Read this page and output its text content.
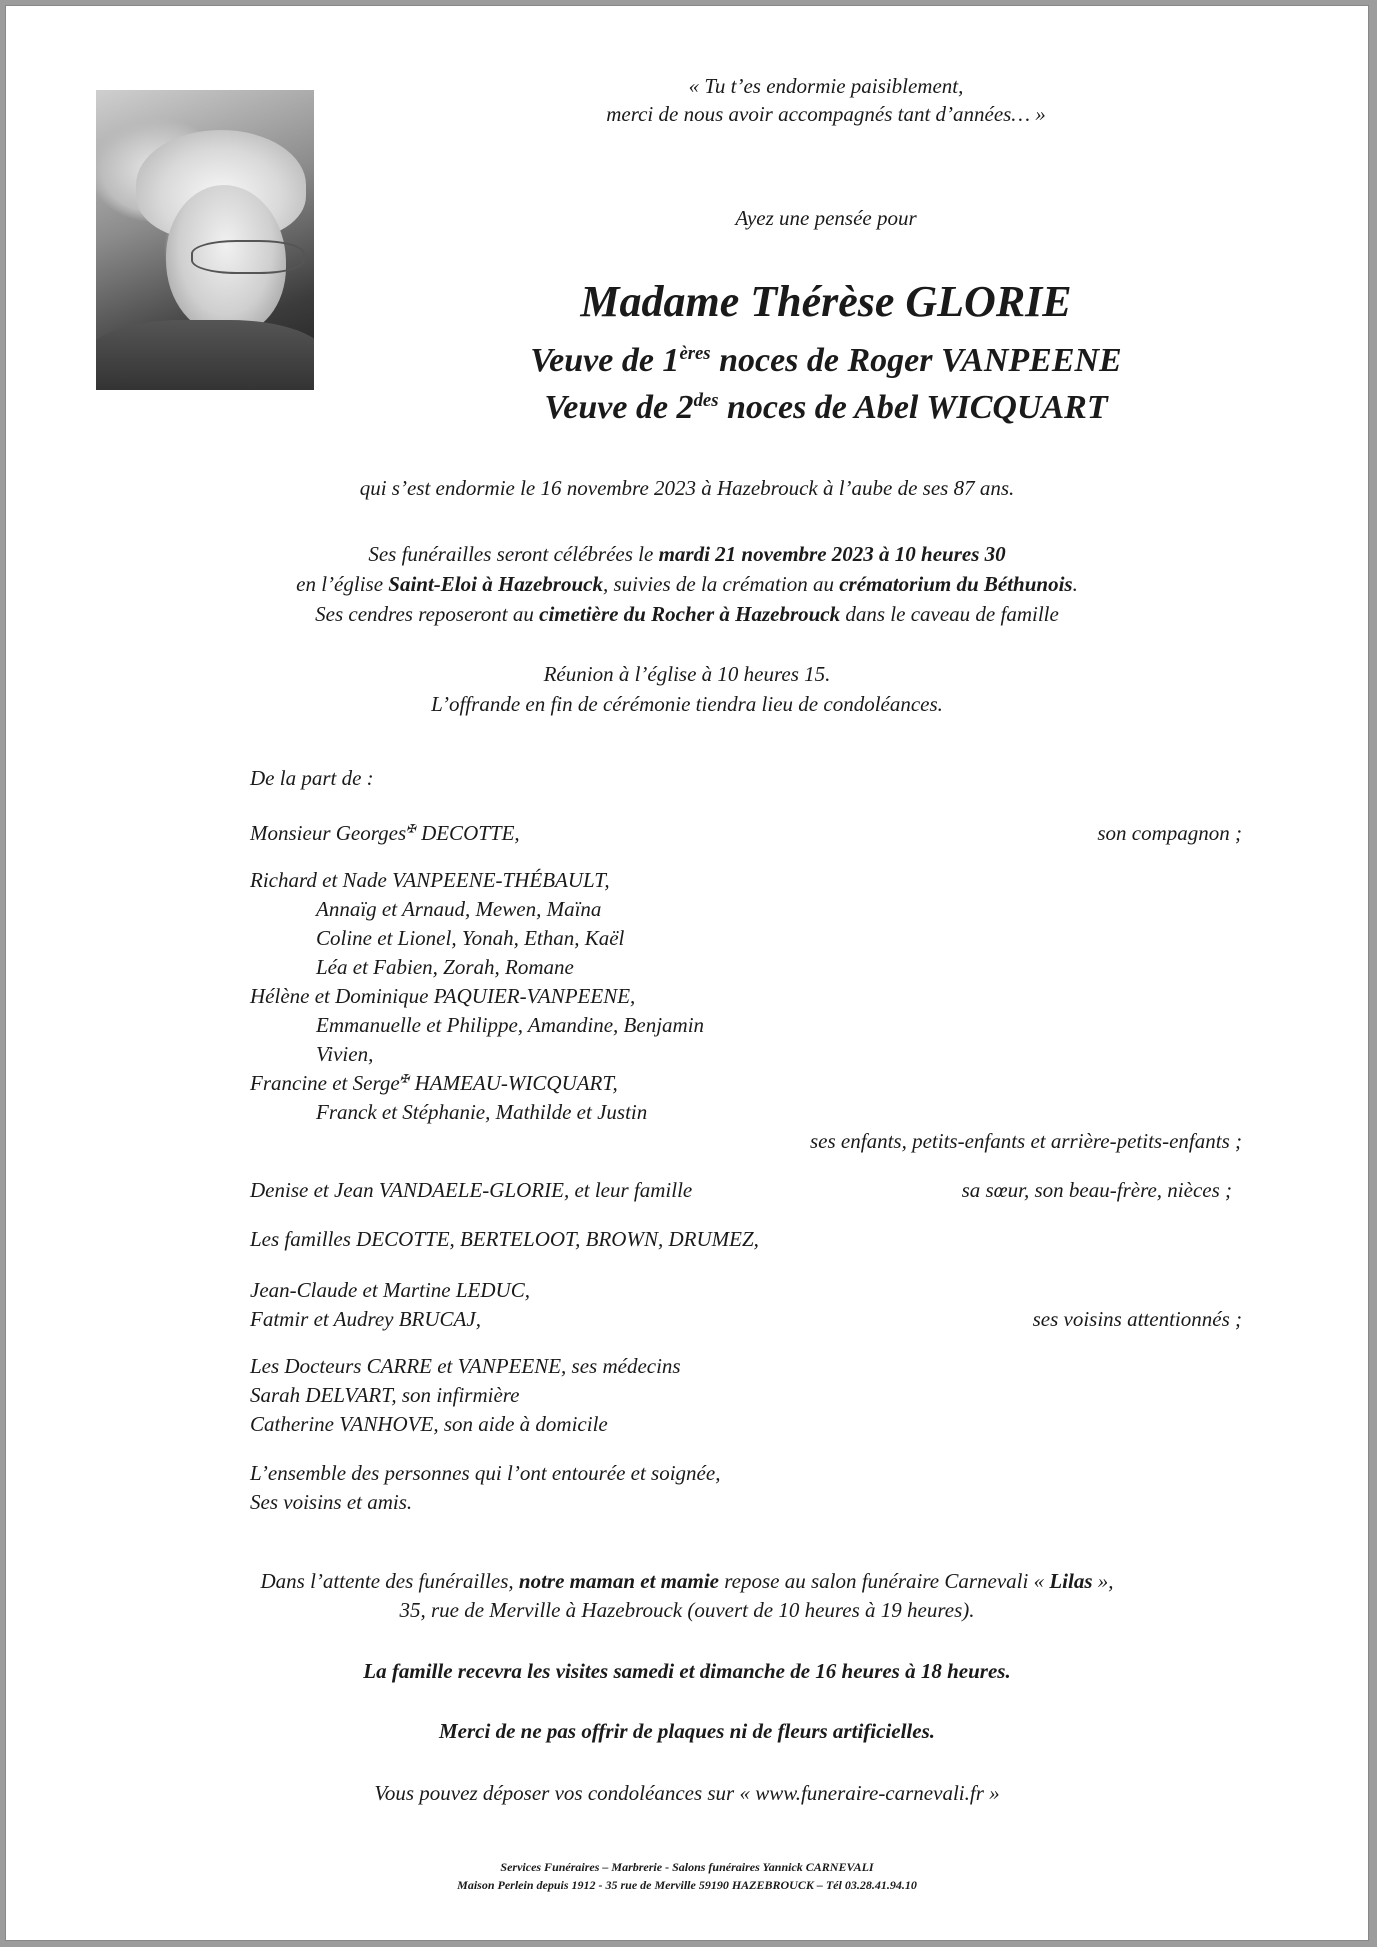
« Tu t’es endormie paisiblement,
merci de nous avoir accompagnés tant d’années… »
Ayez une pensée pour
Madame Thérèse GLORIE
Veuve de 1ères noces de Roger VANPEENE
Veuve de $2^{des}$ noces de Abel WICQUART
qui s’est endormie le 16 novembre 2023 à Hazebrouck à l’aube de ses 87 ans.
Ses funérailles seront célébrées le mardi 21 novembre 2023 à 10 heures 30
en l’église Saint-Eloi à Hazebrouck, suivies de la crémation au crématorium du Béthunois.
Ses cendres reposeront au cimetière du Rocher à Hazebrouck dans le caveau de famille
Réunion à l’église à 10 heures 15.
L’offrande en fin de cérémonie tiendra lieu de condoléances.
De la part de :
Monsieur Georges✠ DECOTTE,	son compagnon ;
Richard et Nade VANPEENE-THÉBAULT,
Annaïg et Arnaud, Mewen, Maïna
Coline et Lionel, Yonah, Ethan, Kaël
Léa et Fabien, Zorah, Romane
Hélène et Dominique PAQUIER-VANPEENE,
Emmanuelle et Philippe, Amandine, Benjamin
Vivien,
Francine et Serge✠ HAMEAU-WICQUART,
Franck et Stéphanie, Mathilde et Justin
ses enfants, petits-enfants et arrière-petits-enfants ;
Denise et Jean VANDAELE-GLORIE, et leur famille	sa sœur, son beau-frère, nièces ;
Les familles DECOTTE, BERTELOOT, BROWN, DRUMEZ,
Jean-Claude et Martine LEDUC,
Fatmir et Audrey BRUCAJ,	ses voisins attentionnés ;
Les Docteurs CARRE et VANPEENE, ses médecins
Sarah DELVART, son infirmière
Catherine VANHOVE, son aide à domicile
L’ensemble des personnes qui l’ont entourée et soignée,
Ses voisins et amis.
Dans l’attente des funérailles, notre maman et mamie repose au salon funéraire Carnevali « Lilas »,
35, rue de Merville à Hazebrouck (ouvert de 10 heures à 19 heures).
La famille recevra les visites samedi et dimanche de 16 heures à 18 heures.
Merci de ne pas offrir de plaques ni de fleurs artificielles.
Vous pouvez déposer vos condoléances sur « www.funeraire-carnevali.fr »
Services Funéraires – Marbrerie - Salons funéraires Yannick CARNEVALI
Maison Perlein depuis 1912 - 35 rue de Merville 59190 HAZEBROUCK – Tél 03.28.41.94.10
